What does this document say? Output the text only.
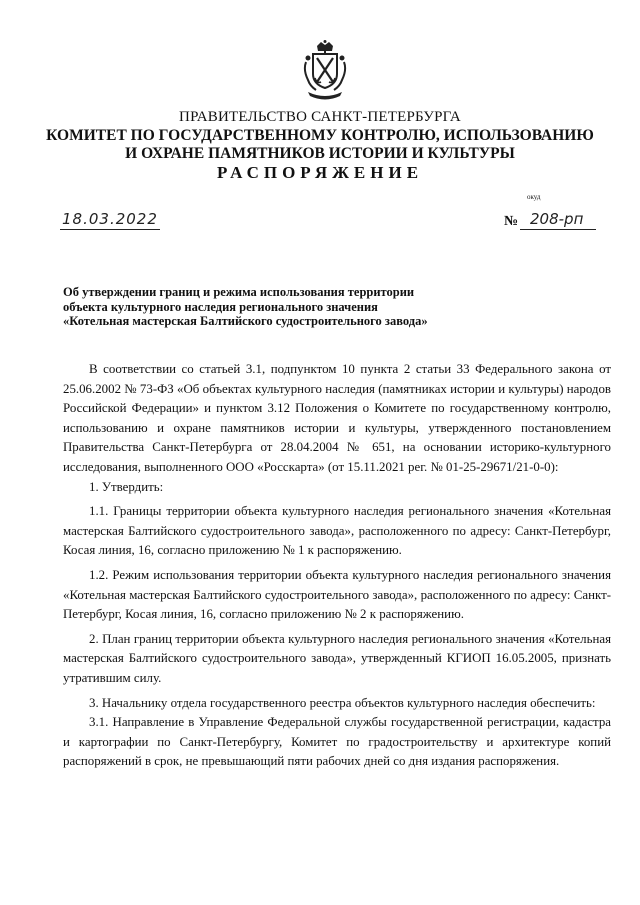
ПРАВИТЕЛЬСТВО САНКТ-ПЕТЕРБУРГА
КОМИТЕТ ПО ГОСУДАРСТВЕННОМУ КОНТРОЛЮ, ИСПОЛЬЗОВАНИЮ
И ОХРАНЕ ПАМЯТНИКОВ ИСТОРИИ И КУЛЬТУРЫ
РАСПОРЯЖЕНИЕ
окуд
18.03.2022	№ 208-рп
Об утверждении границ и режима использования территории
объекта культурного наследия регионального значения
«Котельная мастерская Балтийского судостроительного завода»

В соответствии со статьей 3.1, подпунктом 10 пункта 2 статьи 33 Федерального закона от 25.06.2002 № 73-ФЗ «Об объектах культурного наследия (памятниках истории и культуры) народов Российской Федерации» и пунктом 3.12 Положения о Комитете по государственному контролю, использованию и охране памятников истории и культуры, утвержденного постановлением Правительства Санкт-Петербурга от 28.04.2004 № 651, на основании историко-культурного исследования, выполненного ООО «Росскарта» (от 15.11.2021 рег. № 01-25-29671/21-0-0):

1. Утвердить:

1.1. Границы территории объекта культурного наследия регионального значения «Котельная мастерская Балтийского судостроительного завода», расположенного по адресу: Санкт-Петербург, Косая линия, 16, согласно приложению № 1 к распоряжению.

1.2. Режим использования территории объекта культурного наследия регионального значения «Котельная мастерская Балтийского судостроительного завода», расположенного по адресу: Санкт-Петербург, Косая линия, 16, согласно приложению № 2 к распоряжению.

2. План границ территории объекта культурного наследия регионального значения «Котельная мастерская Балтийского судостроительного завода», утвержденный КГИОП 16.05.2005, признать утратившим силу.

3. Начальнику отдела государственного реестра объектов культурного наследия обеспечить:

3.1. Направление в Управление Федеральной службы государственной регистрации, кадастра и картографии по Санкт-Петербургу, Комитет по градостроительству и архитектуре копий распоряжений в срок, не превышающий пяти рабочих дней со дня издания распоряжения.
